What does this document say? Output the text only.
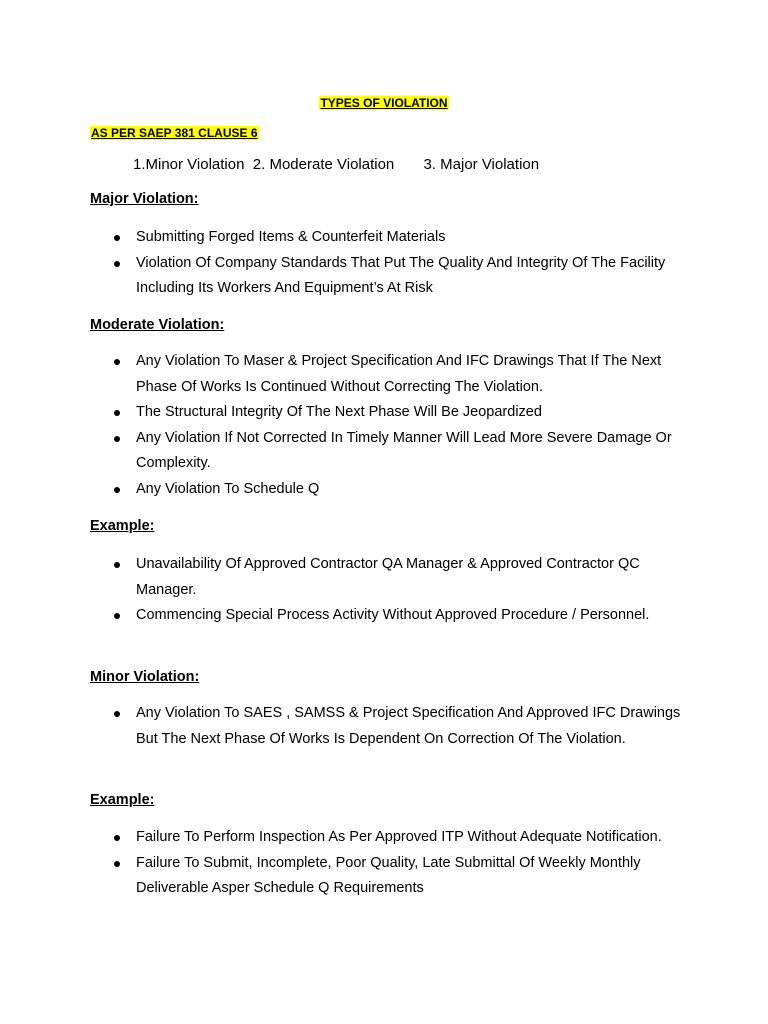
TYPES OF VIOLATION
AS PER SAEP 381 CLAUSE 6
1.Minor Violation 2. Moderate Violation 3. Major Violation
Major Violation:
Submitting Forged Items & Counterfeit Materials
Violation Of Company Standards That Put The Quality And Integrity Of The Facility Including Its Workers And Equipment’s At Risk
Moderate Violation:
Any Violation To Maser & Project Specification And IFC Drawings That If The Next Phase Of Works Is Continued Without Correcting The Violation.
The Structural Integrity Of The Next Phase Will Be Jeopardized
Any Violation If Not Corrected In Timely Manner Will Lead More Severe Damage Or Complexity.
Any Violation To Schedule Q
Example:
Unavailability Of Approved Contractor QA Manager & Approved Contractor QC Manager.
Commencing Special Process Activity Without Approved Procedure / Personnel.
Minor Violation:
Any Violation To SAES , SAMSS & Project Specification And Approved IFC Drawings But The Next Phase Of Works Is Dependent On Correction Of The Violation.
Example:
Failure To Perform Inspection As Per Approved ITP Without Adequate Notification.
Failure To Submit, Incomplete, Poor Quality, Late Submittal Of Weekly Monthly Deliverable Asper Schedule Q Requirements
